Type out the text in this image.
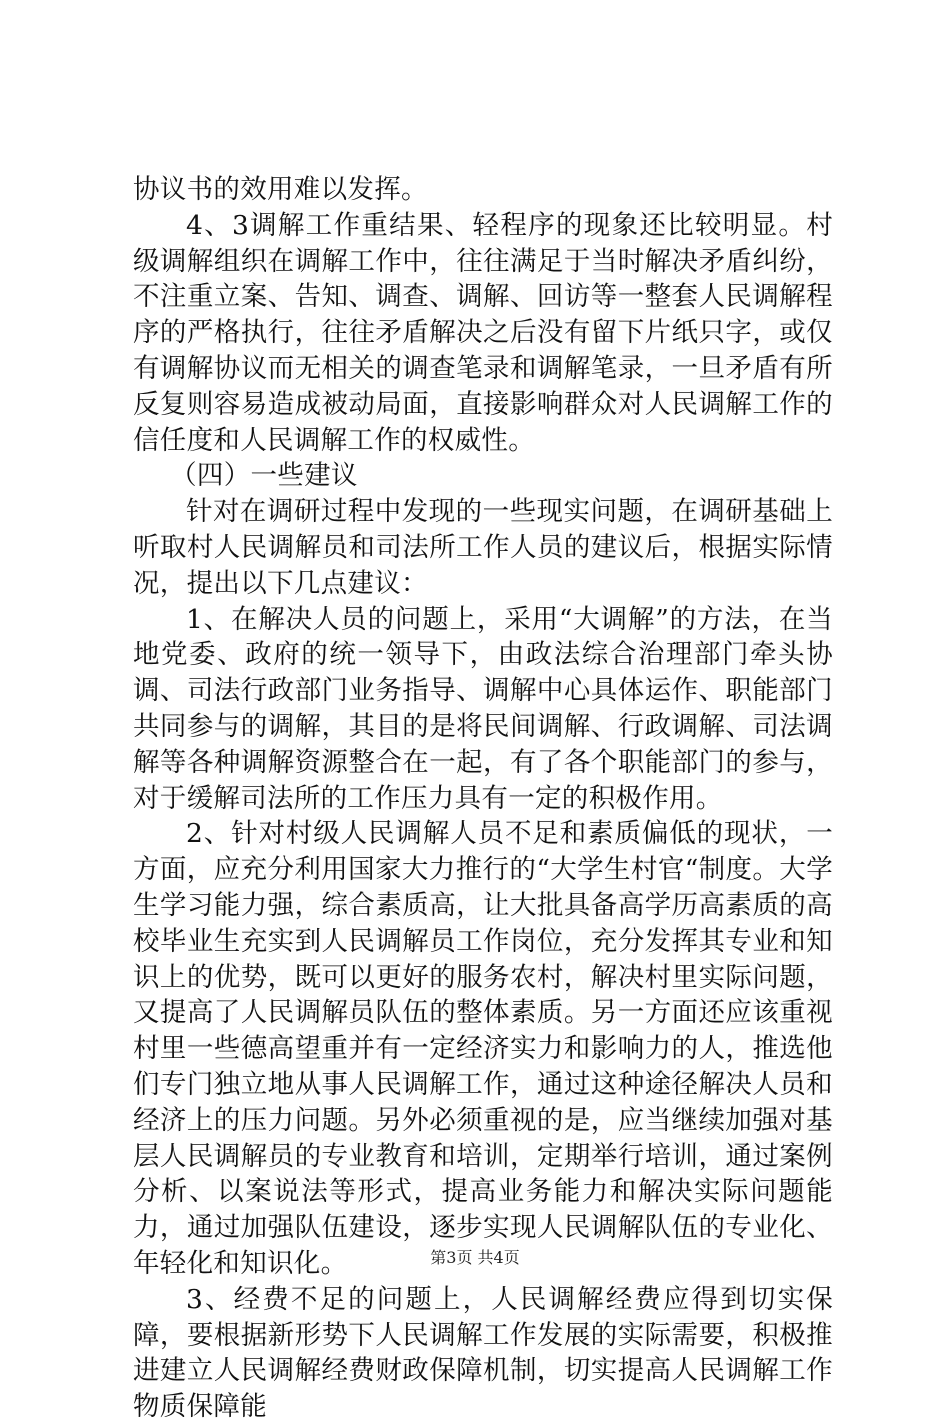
协议书的效用难以发挥。

4、3调解工作重结果、轻程序的现象还比较明显。村级调解组织在调解工作中，往往满足于当时解决矛盾纠纷，不注重立案、告知、调查、调解、回访等一整套人民调解程序的严格执行，往往矛盾解决之后没有留下片纸只字，或仅有调解协议而无相关的调查笔录和调解笔录，一旦矛盾有所反复则容易造成被动局面，直接影响群众对人民调解工作的信任度和人民调解工作的权威性。

（四）一些建议

针对在调研过程中发现的一些现实问题，在调研基础上听取村人民调解员和司法所工作人员的建议后，根据实际情况，提出以下几点建议：

1、在解决人员的问题上，采用“大调解”的方法，在当地党委、政府的统一领导下，由政法综合治理部门牵头协调、司法行政部门业务指导、调解中心具体运作、职能部门共同参与的调解，其目的是将民间调解、行政调解、司法调解等各种调解资源整合在一起，有了各个职能部门的参与，对于缓解司法所的工作压力具有一定的积极作用。

2、针对村级人民调解人员不足和素质偏低的现状，一方面，应充分利用国家大力推行的“大学生村官“制度。大学生学习能力强，综合素质高，让大批具备高学历高素质的高校毕业生充实到人民调解员工作岗位，充分发挥其专业和知识上的优势，既可以更好的服务农村，解决村里实际问题，又提高了人民调解员队伍的整体素质。另一方面还应该重视村里一些德高望重并有一定经济实力和影响力的人，推选他们专门独立地从事人民调解工作，通过这种途径解决人员和经济上的压力问题。另外必须重视的是，应当继续加强对基层人民调解员的专业教育和培训，定期举行培训，通过案例分析、以案说法等形式，提高业务能力和解决实际问题能力，通过加强队伍建设，逐步实现人民调解队伍的专业化、年轻化和知识化。

3、经费不足的问题上，人民调解经费应得到切实保障，要根据新形势下人民调解工作发展的实际需要，积极推进建立人民调解经费财政保障机制，切实提高人民调解工作物质保障能

第3页 共4页
